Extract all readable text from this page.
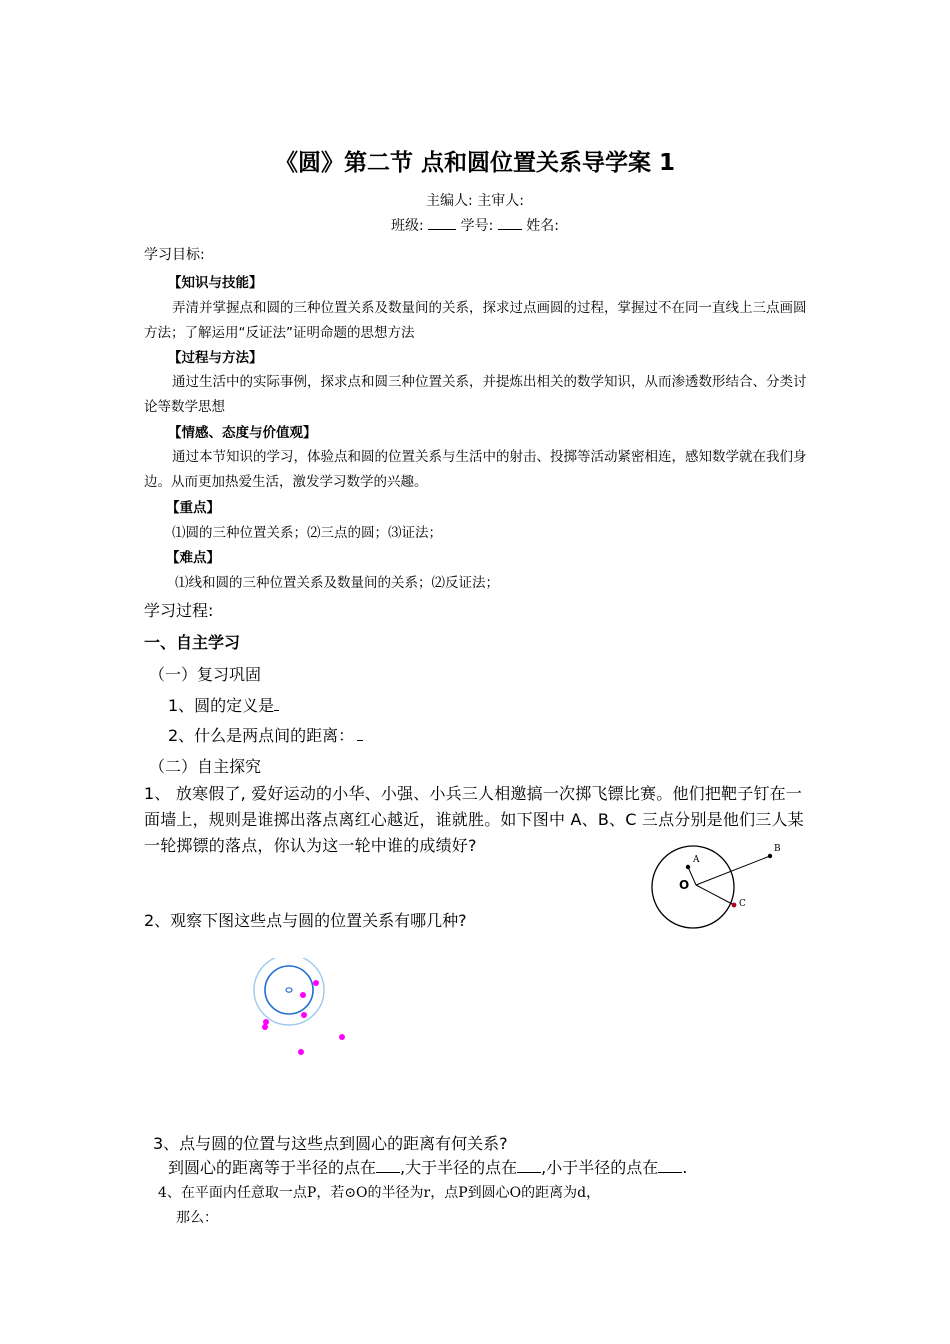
《圆》第二节 点和圆位置关系导学案 1
主编人: 主审人:
班级:	学号: 姓名:
学习目标:
【知识与技能】
弄清并掌握点和圆的三种位置关系及数量间的关系，探求过点画圆的过程，掌握过不在同一直线上三点画圆方法；了解运用“反证法”证明命题的思想方法
【过程与方法】
通过生活中的实际事例，探求点和圆三种位置关系，并提炼出相关的数学知识，从而渗透数形结合、分类讨论等数学思想
【情感、态度与价值观】
通过本节知识的学习，体验点和圆的位置关系与生活中的射击、投掷等活动紧密相连，感知数学就在我们身边。从而更加热爱生活，激发学习数学的兴趣。
【重点】
⑴圆的三种位置关系；⑵三点的圆；⑶证法；
【难点】
⑴线和圆的三种位置关系及数量间的关系；⑵反证法；
学习过程:
一、自主学习
（一）复习巩固
1、圆的定义是
2、什么是两点间的距离：
（二）自主探究
1、 放寒假了, 爱好运动的小华、小强、小兵三人相邀搞一次掷飞镖比赛。他们把靶子钉在一面墙上，规则是谁掷出落点离红心越近，谁就胜。如下图中 A、B、C 三点分别是他们三人某一轮掷镖的落点，你认为这一轮中谁的成绩好?
A
B
C
O
2、观察下图这些点与圆的位置关系有哪几种?
3、点与圆的位置与这些点到圆心的距离有何关系?
到圆心的距离等于半径的点在 ,大于半径的点在 ,小于半径的点在 .
4、在平面内任意取一点P，若⊙O的半径为r，点P到圆心O的距离为d，
那么：
